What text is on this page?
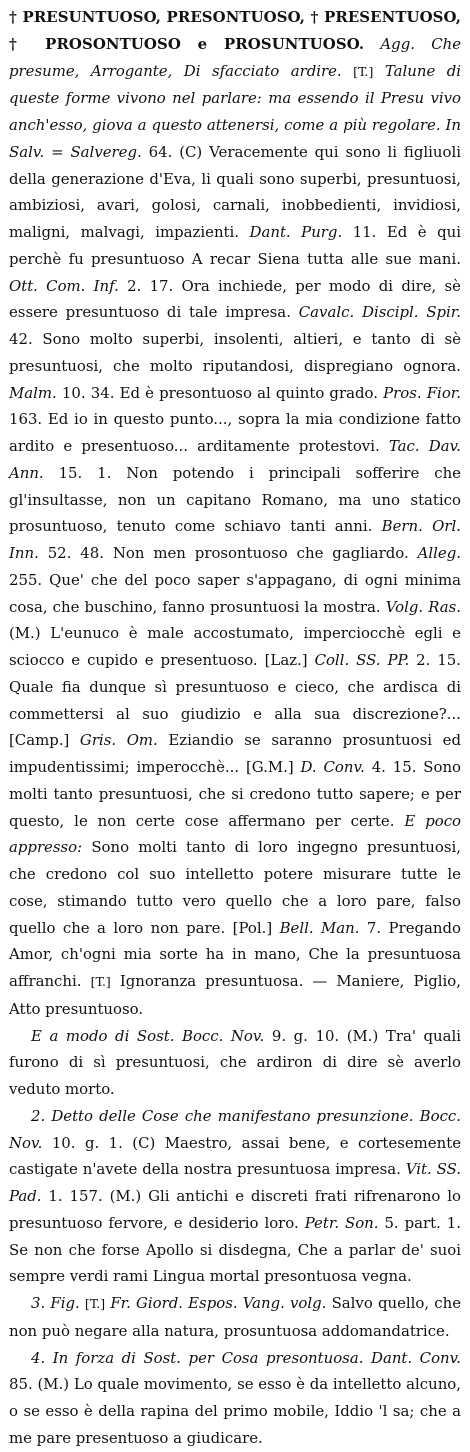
† PRESUNTUOSO, PRESONTUOSO, † PRESENTUOSO, † PROSONTUOSO e PROSUNTUOSO. Agg. Che presume, Arrogante, Di sfacciato ardire. [T.] Talune di queste forme vivono nel parlare: ma essendo il Presu vivo anch'esso, giova a questo attenersi, come a più regolare. In Salv. = Salvereg. 64. (C) Veracemente qui sono li figliuoli della generazione d'Eva, li quali sono superbi, presuntuosi, ambiziosi, avari, golosi, carnali, inobbedienti, invidiosi, maligni, malvagi, impazienti. Dant. Purg. 11. Ed è qui perchè fu presuntuoso A recar Siena tutta alle sue mani. Ott. Com. Inf. 2. 17. Ora inchiede, per modo di dire, sè essere presuntuoso di tale impresa. Cavalc. Discipl. Spir. 42. Sono molto superbi, insolenti, altieri, e tanto di sè presuntuosi, che molto riputandosi, dispregiano ognora. Malm. 10. 34. Ed è presontuoso al quinto grado. Pros. Fior. 163. Ed io in questo punto..., sopra la mia condizione fatto ardito e presentuoso... arditamente protestovi. Tac. Dav. Ann. 15. 1. Non potendo i principali sofferire che gl'insultasse, non un capitano Romano, ma uno statico prosuntuoso, tenuto come schiavo tanti anni. Bern. Orl. Inn. 52. 48. Non men prosontuoso che gagliardo. Alleg. 255. Que' che del poco saper s'appagano, di ogni minima cosa, che buschino, fanno prosuntuosi la mostra. Volg. Ras. (M.) L'eunuco è male accostumato, imperciocchè egli e sciocco e cupido e presentuoso. [Laz.] Coll. SS. PP. 2. 15. Quale fia dunque sì presuntuoso e cieco, che ardisca di commettersi al suo giudizio e alla sua discrezione?... [Camp.] Gris. Om. Eziandio se saranno prosuntuosi ed impudentissimi; imperocchè... [G.M.] D. Conv. 4. 15. Sono molti tanto presuntuosi, che si credono tutto sapere; e per questo, le non certe cose affermano per certe. E poco appresso: Sono molti tanto di loro ingegno presuntuosi, che credono col suo intelletto potere misurare tutte le cose, stimando tutto vero quello che a loro pare, falso quello che a loro non pare. [Pol.] Bell. Man. 7. Pregando Amor, ch'ogni mia sorte ha in mano, Che la presuntuosa affranchi. [T.] Ignoranza presuntuosa. — Maniere, Piglio, Atto presuntuoso.

E a modo di Sost. Bocc. Nov. 9. g. 10. (M.) Tra' quali furono di sì presuntuosi, che ardiron di dire sè averlo veduto morto.

2. Detto delle Cose che manifestano presunzione. Bocc. Nov. 10. g. 1. (C) Maestro, assai bene, e cortesemente castigate n'avete della nostra presuntuosa impresa. Vit. SS. Pad. 1. 157. (M.) Gli antichi e discreti frati rifrenarono lo presuntuoso fervore, e desiderio loro. Petr. Son. 5. part. 1. Se non che forse Apollo si disdegna, Che a parlar de' suoi sempre verdi rami Lingua mortal presontuosa vegna.

3. Fig. [T.] Fr. Giord. Espos. Vang. volg. Salvo quello, che non può negare alla natura, prosuntuosa addomandatrice.

4. In forza di Sost. per Cosa presontuosa. Dant. Conv. 85. (M.) Lo quale movimento, se esso è da intelletto alcuno, o se esso è della rapina del primo mobile, Iddio 'l sa; che a me pare presentuoso a giudicare.
